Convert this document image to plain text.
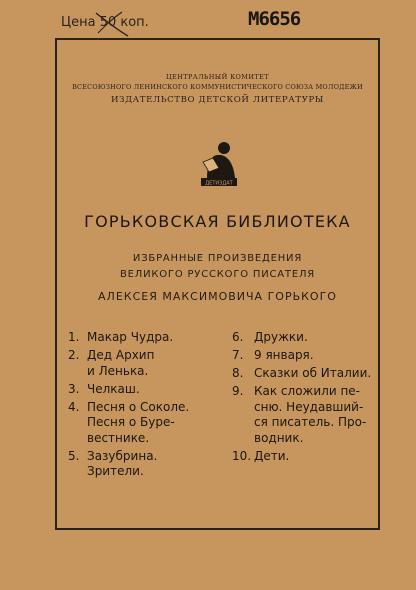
Цена 50 коп.	М6656
ЦЕНТРАЛЬНЫЙ КОМИТЕТ
ВСЕСОЮЗНОГО ЛЕНИНСКОГО КОММУНИСТИЧЕСКОГО СОЮЗА МОЛОДЕЖИ
ИЗДАТЕЛЬСТВО ДЕТСКОЙ ЛИТЕРАТУРЫ
ДЕТИЗДАТ
ГОРЬКОВСКАЯ БИБЛИОТЕКА
ИЗБРАННЫЕ ПРОИЗВЕДЕНИЯ
ВЕЛИКОГО РУССКОГО ПИСАТЕЛЯ
АЛЕКСЕЯ МАКСИМОВИЧА ГОРЬКОГО
1. Макар Чудра.
2. Дед Архип
и Ленька.
3. Челкаш.
4. Песня о Соколе.
Песня о Буре-
вестнике.
5. Зазубрина.
Зрители.
6. Дружки.
7. 9 января.
8. Сказки об Италии.
9. Как сложили пе-
сню. Неудавший-
ся писатель. Про-
водник.
10. Дети.
